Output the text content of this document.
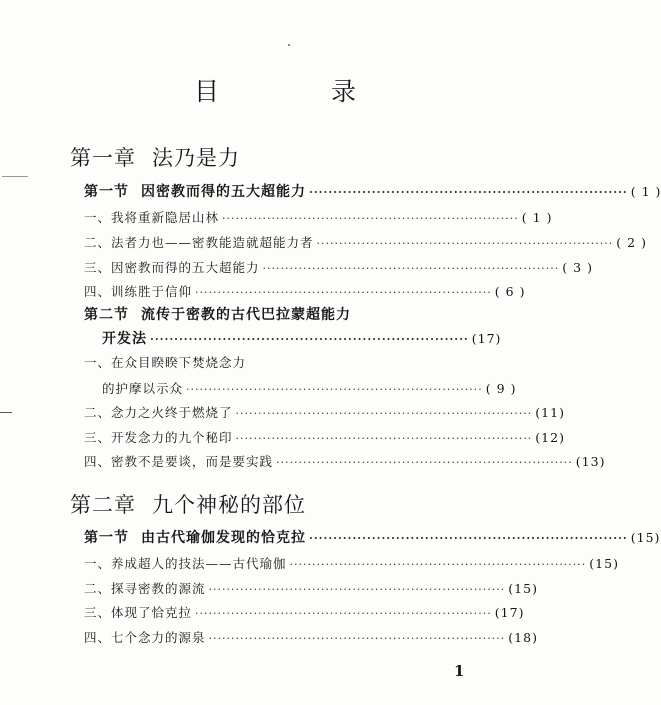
目 录
第一章 法乃是力
第一节 因密教而得的五大超能力 ·································································· ( 1 )
一、我将重新隐居山林 ·································································· ( 1 )
二、法者力也——密教能造就超能力者 ·································································· ( 2 )
三、因密教而得的五大超能力 ·································································· ( 3 )
四、训练胜于信仰 ·································································· ( 6 )
第二节 流传于密教的古代巴拉蒙超能力
开发法 ·································································· (17)
一、在众目睽睽下焚烧念力
的护摩以示众 ·································································· ( 9 )
二、念力之火终于燃烧了 ·································································· (11)
三、开发念力的九个秘印 ·································································· (12)
四、密教不是要谈，而是要实践 ·································································· (13)
第二章 九个神秘的部位
第一节 由古代瑜伽发现的恰克拉 ·································································· (15)
一、养成超人的技法——古代瑜伽 ·································································· (15)
二、探寻密教的源流 ·································································· (15)
三、体现了恰克拉 ·································································· (17)
四、七个念力的源泉 ·································································· (18)
1
